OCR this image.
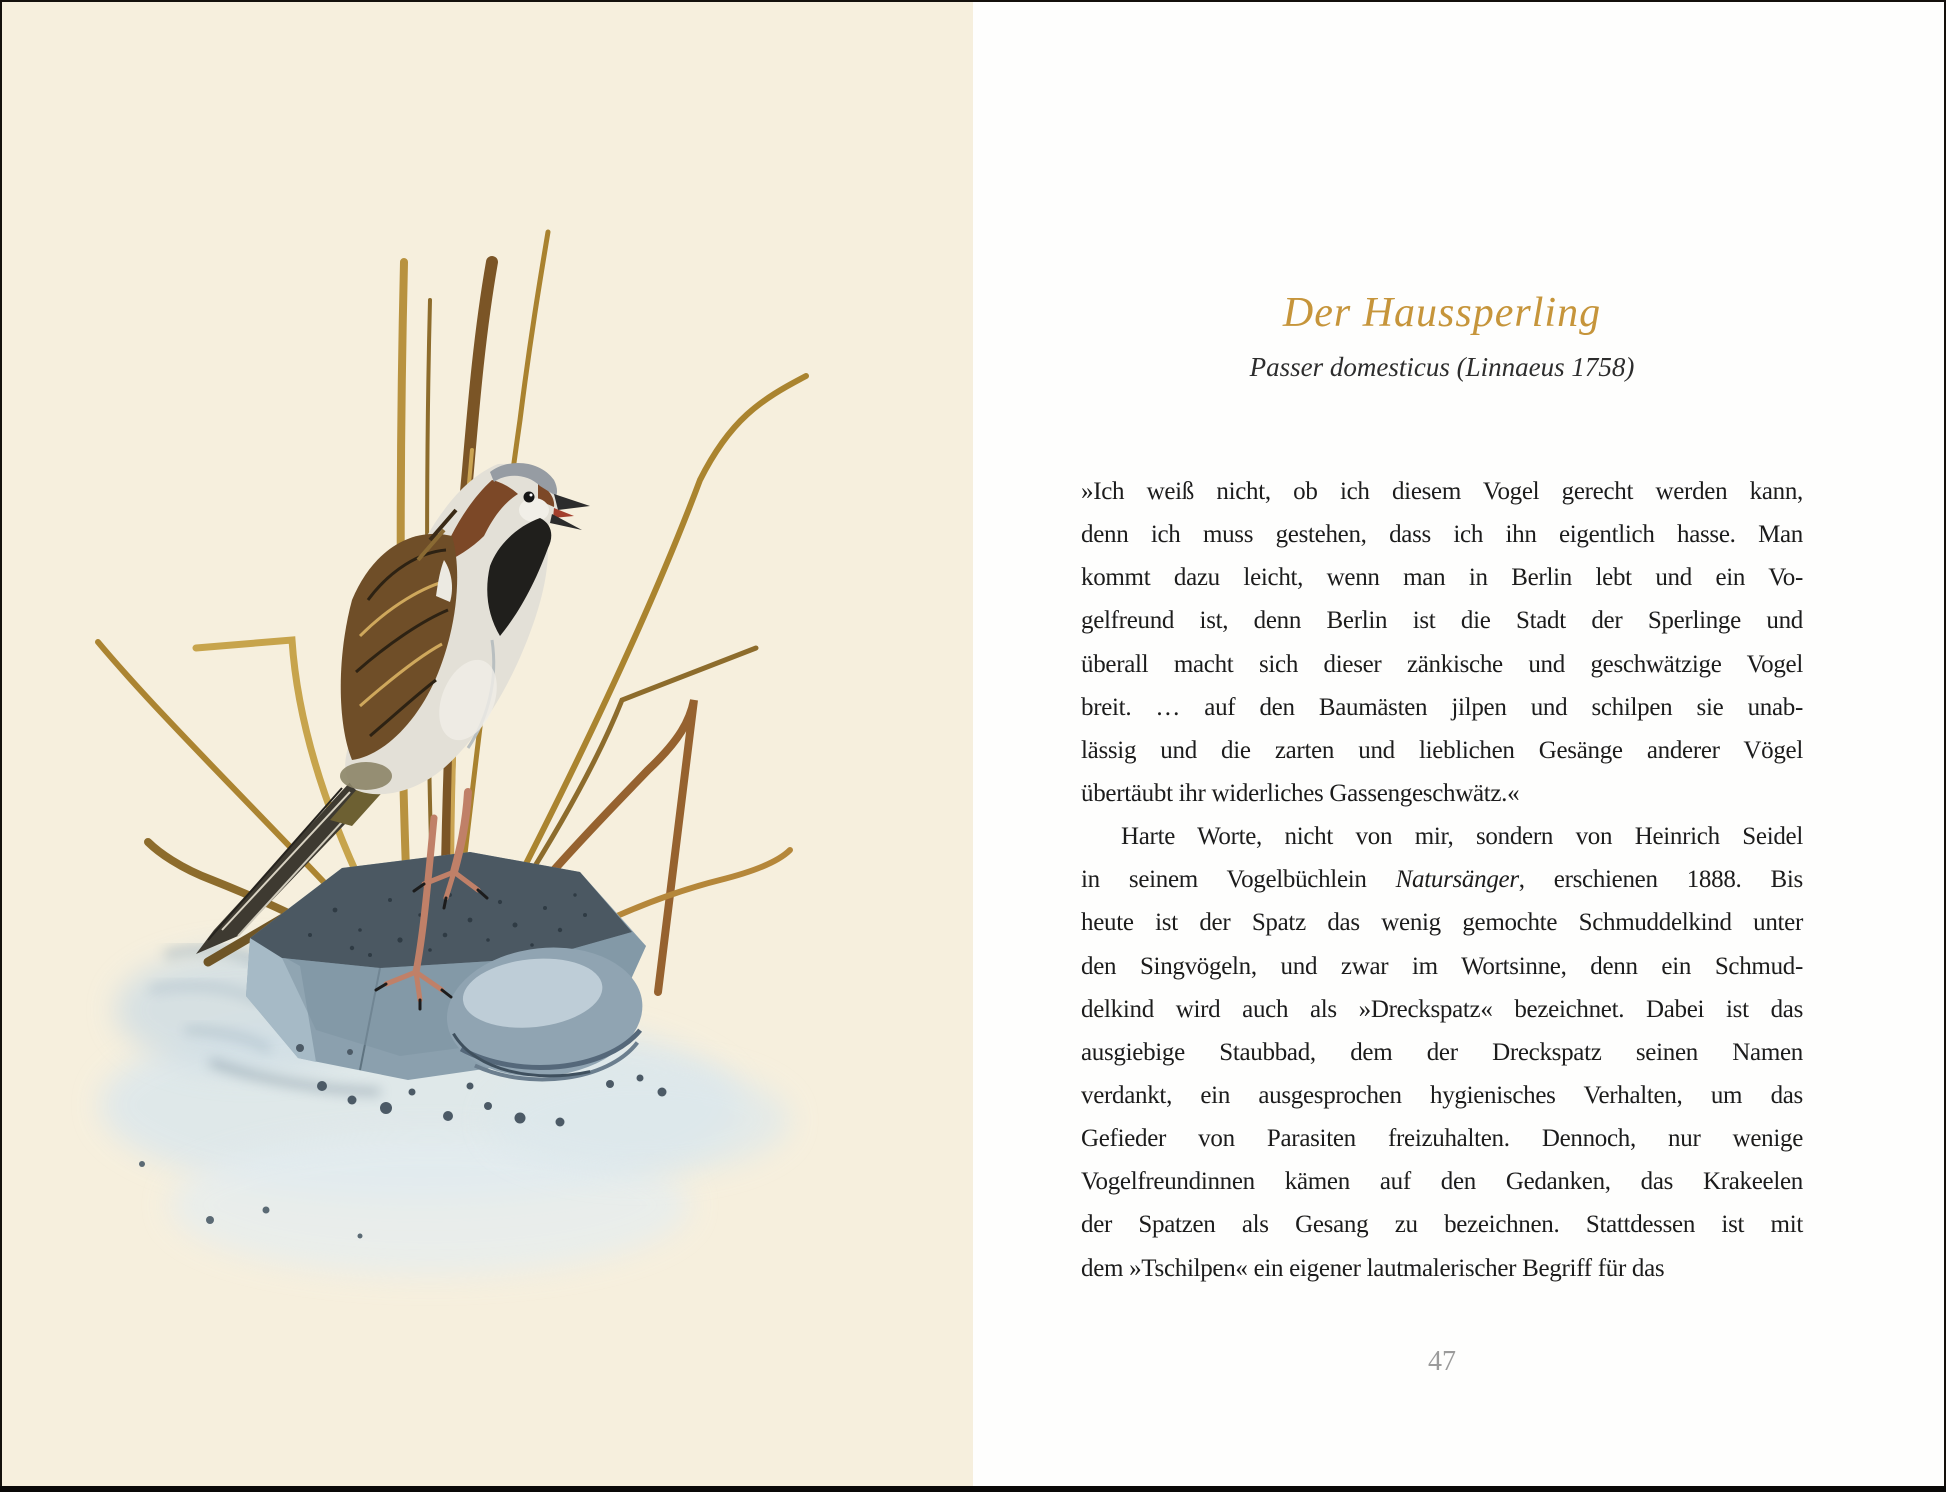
Der Haussperling
Passer domesticus (Linnaeus 1758)
»Ich weiß nicht, ob ich diesem Vogel gerecht werden kann,
denn ich muss gestehen, dass ich ihn eigentlich hasse. Man
kommt dazu leicht, wenn man in Berlin lebt und ein Vo-
gelfreund ist, denn Berlin ist die Stadt der Sperlinge und
überall macht sich dieser zänkische und geschwätzige Vogel
breit. … auf den Baumästen jilpen und schilpen sie unab-
lässig und die zarten und lieblichen Gesänge anderer Vögel
übertäubt ihr widerliches Gassengeschwätz.«
Harte Worte, nicht von mir, sondern von Heinrich Seidel
in seinem Vogelbüchlein Natursänger, erschienen 1888. Bis
heute ist der Spatz das wenig gemochte Schmuddelkind unter
den Singvögeln, und zwar im Wortsinne, denn ein Schmud-
delkind wird auch als »Dreckspatz« bezeichnet. Dabei ist das
ausgiebige Staubbad, dem der Dreckspatz seinen Namen
verdankt, ein ausgesprochen hygienisches Verhalten, um das
Gefieder von Parasiten freizuhalten. Dennoch, nur wenige
Vogelfreundinnen kämen auf den Gedanken, das Krakeelen
der Spatzen als Gesang zu bezeichnen. Stattdessen ist mit
dem »Tschilpen« ein eigener lautmalerischer Begriff für das
47
